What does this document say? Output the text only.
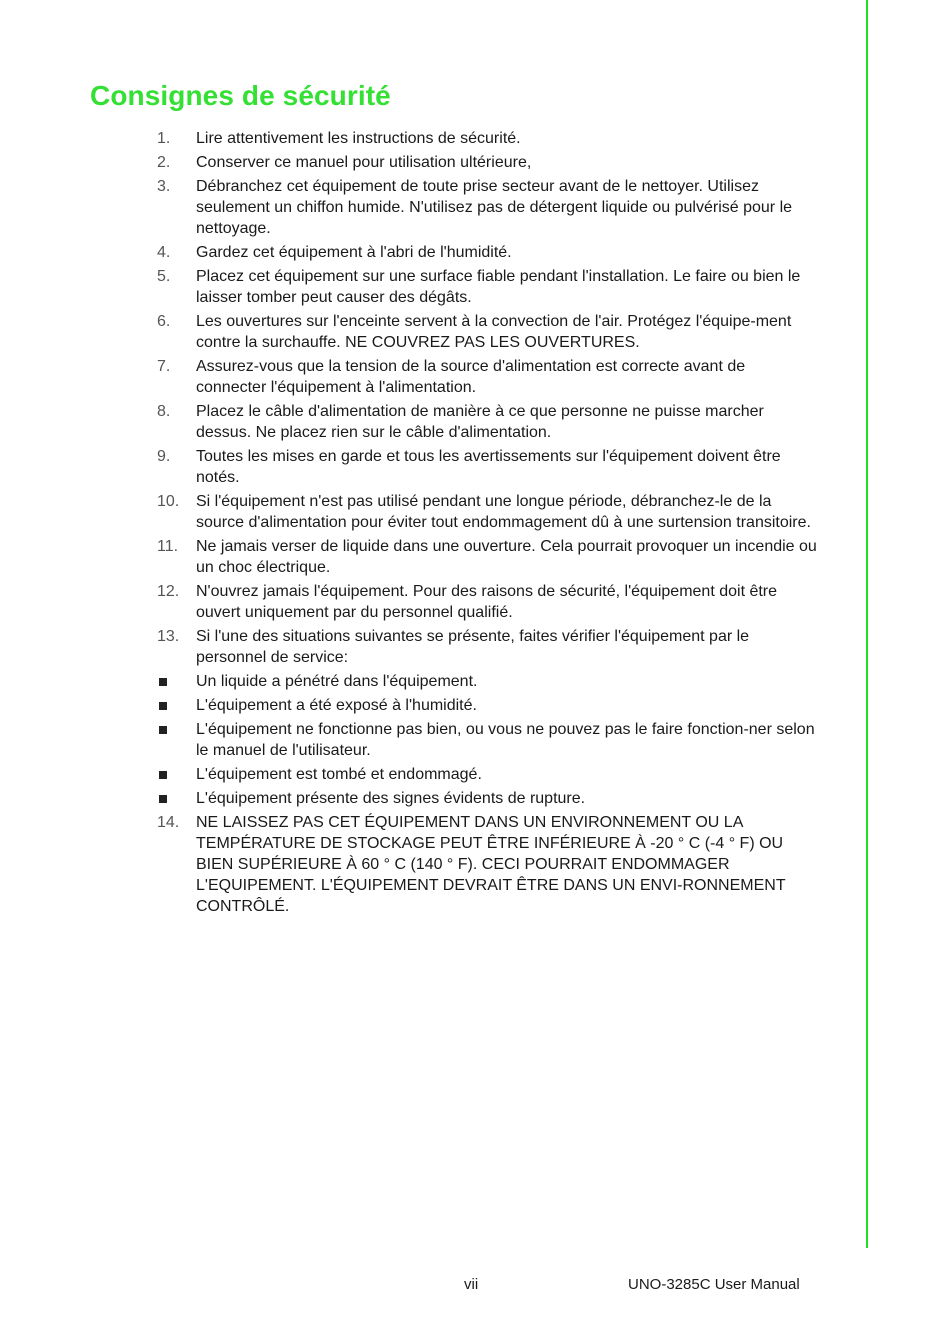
Consignes de sécurité
1. Lire attentivement les instructions de sécurité.
2. Conserver ce manuel pour utilisation ultérieure,
3. Débranchez cet équipement de toute prise secteur avant de le nettoyer. Utilisez seulement un chiffon humide. N'utilisez pas de détergent liquide ou pulvérisé pour le nettoyage.
4. Gardez cet équipement à l'abri de l'humidité.
5. Placez cet équipement sur une surface fiable pendant l'installation. Le faire ou bien le laisser tomber peut causer des dégâts.
6. Les ouvertures sur l'enceinte servent à la convection de l'air. Protégez l'équipe-ment contre la surchauffe. NE COUVREZ PAS LES OUVERTURES.
7. Assurez-vous que la tension de la source d'alimentation est correcte avant de connecter l'équipement à l'alimentation.
8. Placez le câble d'alimentation de manière à ce que personne ne puisse marcher dessus. Ne placez rien sur le câble d'alimentation.
9. Toutes les mises en garde et tous les avertissements sur l'équipement doivent être notés.
10. Si l'équipement n'est pas utilisé pendant une longue période, débranchez-le de la source d'alimentation pour éviter tout endommagement dû à une surtension transitoire.
11. Ne jamais verser de liquide dans une ouverture. Cela pourrait provoquer un incendie ou un choc électrique.
12. N'ouvrez jamais l'équipement. Pour des raisons de sécurité, l'équipement doit être ouvert uniquement par du personnel qualifié.
13. Si l'une des situations suivantes se présente, faites vérifier l'équipement par le personnel de service:
Un liquide a pénétré dans l'équipement.
L'équipement a été exposé à l'humidité.
L'équipement ne fonctionne pas bien, ou vous ne pouvez pas le faire fonction-ner selon le manuel de l'utilisateur.
L'équipement est tombé et endommagé.
L'équipement présente des signes évidents de rupture.
14. NE LAISSEZ PAS CET ÉQUIPEMENT DANS UN ENVIRONNEMENT OU LA TEMPÉRATURE DE STOCKAGE PEUT ÊTRE INFÉRIEURE À -20 ° C (-4 ° F) OU BIEN SUPÉRIEURE À 60 ° C (140 ° F). CECI POURRAIT ENDOMMAGER L'EQUIPEMENT. L'ÉQUIPEMENT DEVRAIT ÊTRE DANS UN ENVI-RONNEMENT CONTRÔLÉ.
vii	UNO-3285C User Manual
